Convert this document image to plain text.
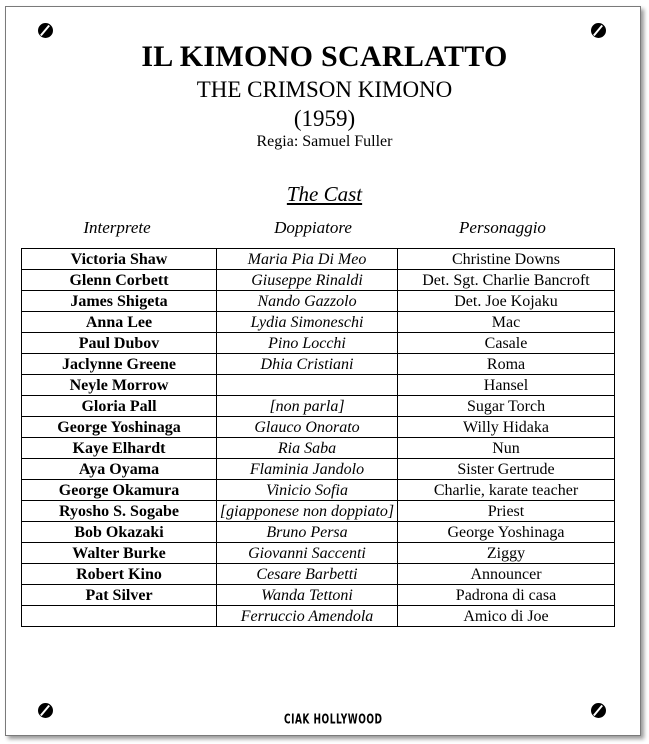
IL KIMONO SCARLATTO
THE CRIMSON KIMONO
(1959)
Regia: Samuel Fuller
The Cast
Interprete	Doppiatore	Personaggio
Victoria Shaw	Maria Pia Di Meo	Christine Downs
Glenn Corbett	Giuseppe Rinaldi	Det. Sgt. Charlie Bancroft
James Shigeta	Nando Gazzolo	Det. Joe Kojaku
Anna Lee	Lydia Simoneschi	Mac
Paul Dubov	Pino Locchi	Casale
Jaclynne Greene	Dhia Cristiani	Roma
Neyle Morrow		Hansel
Gloria Pall	[non parla]	Sugar Torch
George Yoshinaga	Glauco Onorato	Willy Hidaka
Kaye Elhardt	Ria Saba	Nun
Aya Oyama	Flaminia Jandolo	Sister Gertrude
George Okamura	Vinicio Sofia	Charlie, karate teacher
Ryosho S. Sogabe	[giapponese non doppiato]	Priest
Bob Okazaki	Bruno Persa	George Yoshinaga
Walter Burke	Giovanni Saccenti	Ziggy
Robert Kino	Cesare Barbetti	Announcer
Pat Silver	Wanda Tettoni	Padrona di casa
	Ferruccio Amendola	Amico di Joe
CIAK HOLLYWOOD
